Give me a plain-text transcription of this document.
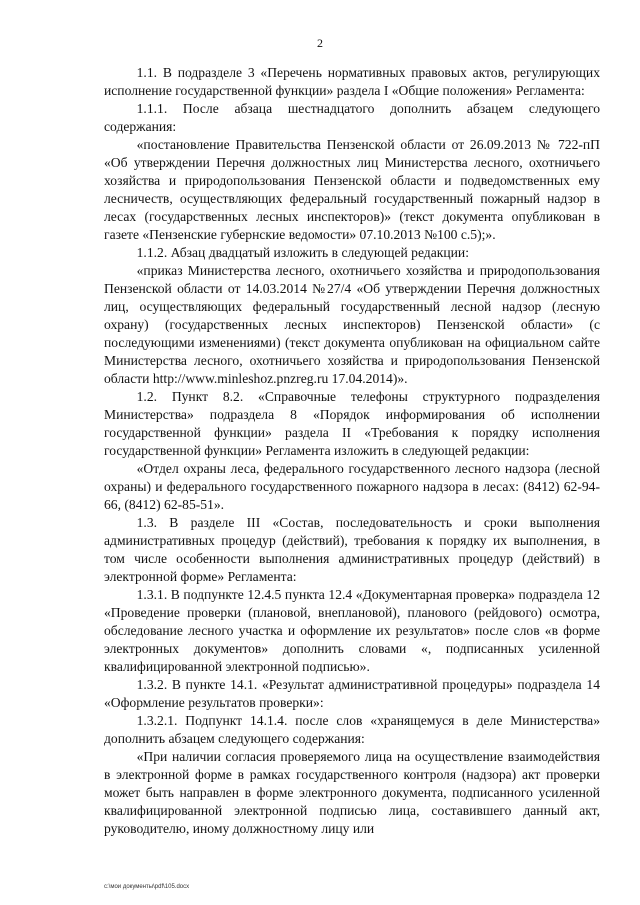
2

1.1. В подразделе 3 «Перечень нормативных правовых актов, регулирующих исполнение государственной функции» раздела I «Общие положения» Регламента:

1.1.1. После абзаца шестнадцатого дополнить абзацем следующего содержания:

«постановление Правительства Пензенской области от 26.09.2013 № 722-пП «Об утверждении Перечня должностных лиц Министерства лесного, охотничьего хозяйства и природопользования Пензенской области и подведомственных ему лесничеств, осуществляющих федеральный государственный пожарный надзор в лесах (государственных лесных инспекторов)» (текст документа опубликован в газете «Пензенские губернские ведомости» 07.10.2013 №100 с.5);».

1.1.2. Абзац двадцатый изложить в следующей редакции:

«приказ Министерства лесного, охотничьего хозяйства и природопользования Пензенской области от 14.03.2014 №27/4 «Об утверждении Перечня должностных лиц, осуществляющих федеральный государственный лесной надзор (лесную охрану) (государственных лесных инспекторов) Пензенской области» (с последующими изменениями) (текст документа опубликован на официальном сайте Министерства лесного, охотничьего хозяйства и природопользования Пензенской области http://www.minleshoz.pnzreg.ru 17.04.2014)».

1.2. Пункт 8.2. «Справочные телефоны структурного подразделения Министерства» подраздела 8 «Порядок информирования об исполнении государственной функции» раздела II «Требования к порядку исполнения государственной функции» Регламента изложить в следующей редакции:

«Отдел охраны леса, федерального государственного лесного надзора (лесной охраны) и федерального государственного пожарного надзора в лесах: (8412) 62-94-66, (8412) 62-85-51».

1.3. В разделе III «Состав, последовательность и сроки выполнения административных процедур (действий), требования к порядку их выполнения, в том числе особенности выполнения административных процедур (действий) в электронной форме» Регламента:

1.3.1. В подпункте 12.4.5 пункта 12.4 «Документарная проверка» подраздела 12 «Проведение проверки (плановой, внеплановой), планового (рейдового) осмотра, обследование лесного участка и оформление их результатов» после слов «в форме электронных документов» дополнить словами «, подписанных усиленной квалифицированной электронной подписью».

1.3.2. В пункте 14.1. «Результат административной процедуры» подраздела 14 «Оформление результатов проверки»:

1.3.2.1. Подпункт 14.1.4. после слов «хранящемуся в деле Министерства» дополнить абзацем следующего содержания:

«При наличии согласия проверяемого лица на осуществление взаимодействия в электронной форме в рамках государственного контроля (надзора) акт проверки может быть направлен в форме электронного документа, подписанного усиленной квалифицированной электронной подписью лица, составившего данный акт, руководителю, иному должностному лицу или

c:\мои документы\pdf\105.docx
